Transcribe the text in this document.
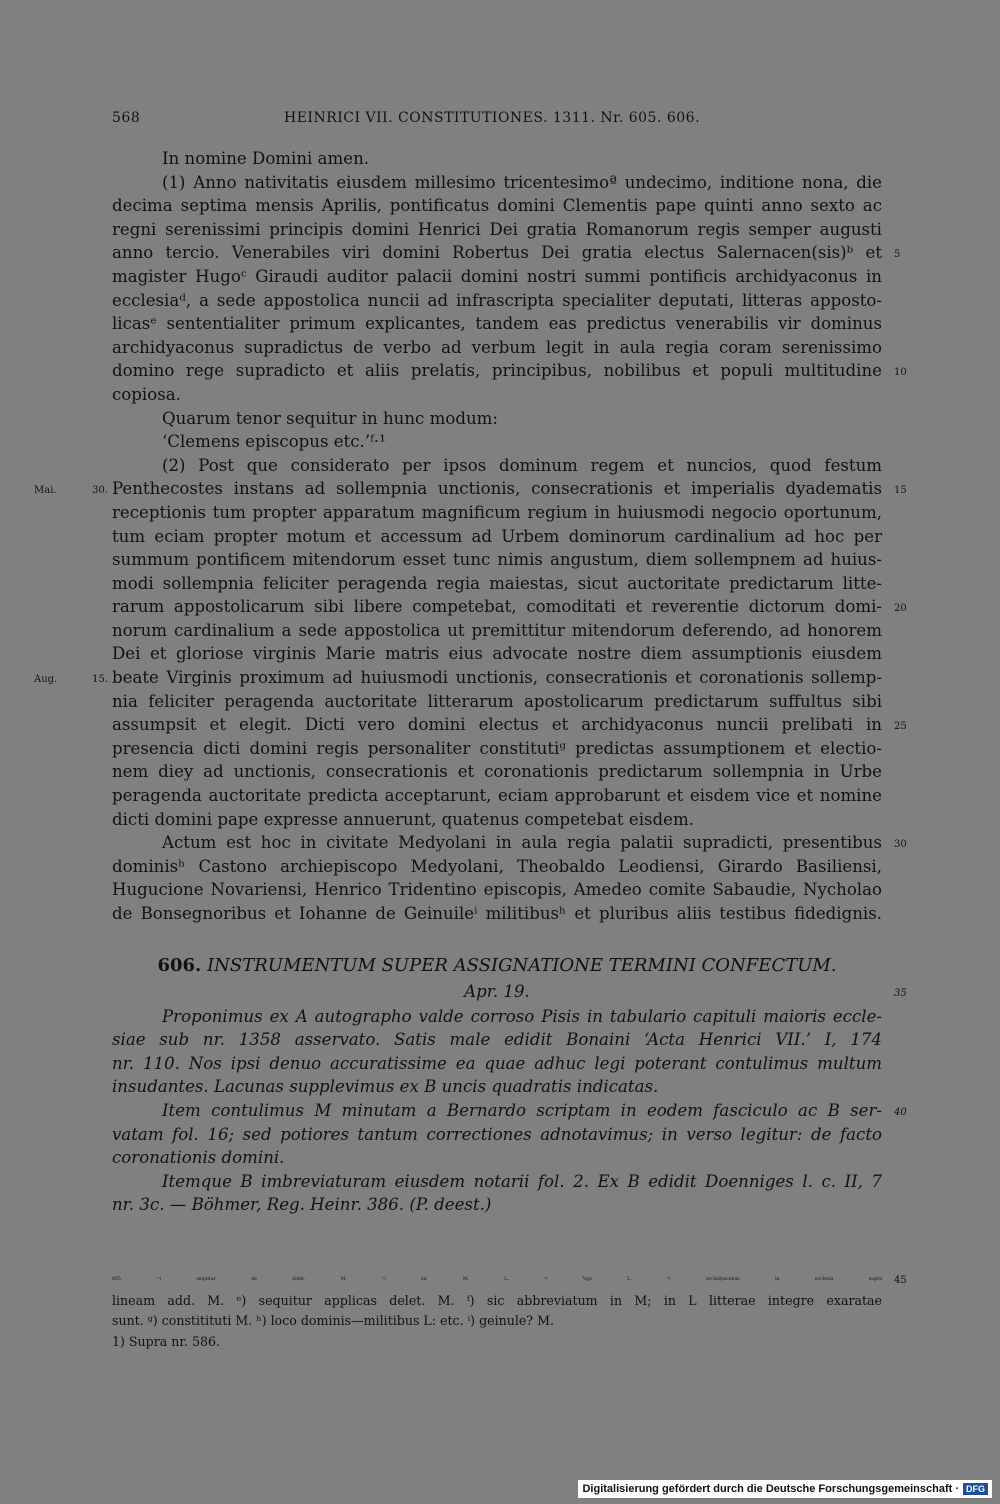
568	HEINRICI VII. CONSTITUTIONES. 1311. Nr. 605. 606.
In nomine Domini amen.
(1) Anno nativitatis eiusdem millesimo tricentesimoª undecimo, inditione nona, die
decima septima mensis Aprilis, pontificatus domini Clementis pape quinti anno sexto ac
regni serenissimi principis domini Henrici Dei gratia Romanorum regis semper augusti
anno tercio. Venerabiles viri domini Robertus Dei gratia electus Salernacen(sis)ᵇ et 5
magister Hugoᶜ Giraudi auditor palacii domini nostri summi pontificis archidyaconus in
ecclesiaᵈ, a sede appostolica nuncii ad infrascripta specialiter deputati, litteras apposto-
licasᵉ sententialiter primum explicantes, tandem eas predictus venerabilis vir dominus
archidyaconus supradictus de verbo ad verbum legit in aula regia coram serenissimo
domino rege supradicto et aliis prelatis, principibus, nobilibus et populi multitudine 10
copiosa.
Quarum tenor sequitur in hunc modum:
‘Clemens episcopus etc.’ᶠ·¹
(2) Post que considerato per ipsos dominum regem et nuncios, quod festum
Penthecostes instans ad sollempnia unctionis, consecrationis et imperialis dyadematis 15
Mai. 30.
receptionis tum propter apparatum magnificum regium in huiusmodi negocio oportunum,
tum eciam propter motum et accessum ad Urbem dominorum cardinalium ad hoc per
summum pontificem mitendorum esset tunc nimis angustum, diem sollempnem ad huius-
modi sollempnia feliciter peragenda regia maiestas, sicut auctoritate predictarum litte-
rarum appostolicarum sibi libere competebat, comoditati et reverentie dictorum domi- 20
norum cardinalium a sede appostolica ut premittitur mitendorum deferendo, ad honorem
Dei et gloriose virginis Marie matris eius advocate nostre diem assumptionis eiusdem
beate Virginis proximum ad huiusmodi unctionis, consecrationis et coronationis sollemp-
Aug. 15.
nia feliciter peragenda auctoritate litterarum apostolicarum predictarum suffultus sibi
assumpsit et elegit. Dicti vero domini electus et archidyaconus nuncii prelibati in 25
presencia dicti domini regis personaliter constitutiᵍ predictas assumptionem et electio-
nem diey ad unctionis, consecrationis et coronationis predictarum sollempnia in Urbe
peragenda auctoritate predicta acceptarunt, eciam approbarunt et eisdem vice et nomine
dicti domini pape expresse annuerunt, quatenus competebat eisdem.
Actum est hoc in civitate Medyolani in aula regia palatii supradicti, presentibus 30
dominisʰ Castono archiepiscopo Medyolani, Theobaldo Leodiensi, Girardo Basiliensi,
Hugucione Novariensi, Henrico Tridentino episcopis, Amedeo comite Sabaudie, Nycholao
de Bonsegnoribus et Iohanne de Geinuileⁱ militibusʰ et pluribus aliis testibus fidedignis.
606. INSTRUMENTUM SUPER ASSIGNATIONE TERMINI CONFECTUM.
Apr. 19.	35
Proponimus ex A autographo valde corroso Pisis in tabulario capituli maioris eccle-
siae sub nr. 1358 asservato. Satis male edidit Bonaini ‘Acta Henrici VII.’ I, 174
nr. 110. Nos ipsi denuo accuratissime ea quae adhuc legi poterant contulimus multum
insudantes. Lacunas supplevimus ex B uncis quadratis indicatas.
Item contulimus M minutam a Bernardo scriptam in eodem fasciculo ac B ser- 40
vatam fol. 16; sed potiores tantum correctiones adnotavimus; in verso legitur: de facto
coronationis domini.
Itemque B imbreviaturam eiusdem notarii fol. 2. Ex B edidit Doenniges l. c. II, 7
nr. 3c. — Böhmer, Reg. Heinr. 386. (P. deest.)
605. ᵃ) sequitur de delet. M. ᵇ) sic M. L. ᶜ) Vgo L. ᵈ) archidyaconus in ecclesia supra 45
lineam add. M. ᵉ) sequitur applicas delet. M. ᶠ) sic abbreviatum in M; in L litterae integre exaratae
sunt. ᵍ) constitituti M. ʰ) loco dominis—militibus L: etc. ⁱ) geinule? M.
1) Supra nr. 586.
Digitalisierung gefördert durch die Deutsche Forschungsgemeinschaft · DFG
